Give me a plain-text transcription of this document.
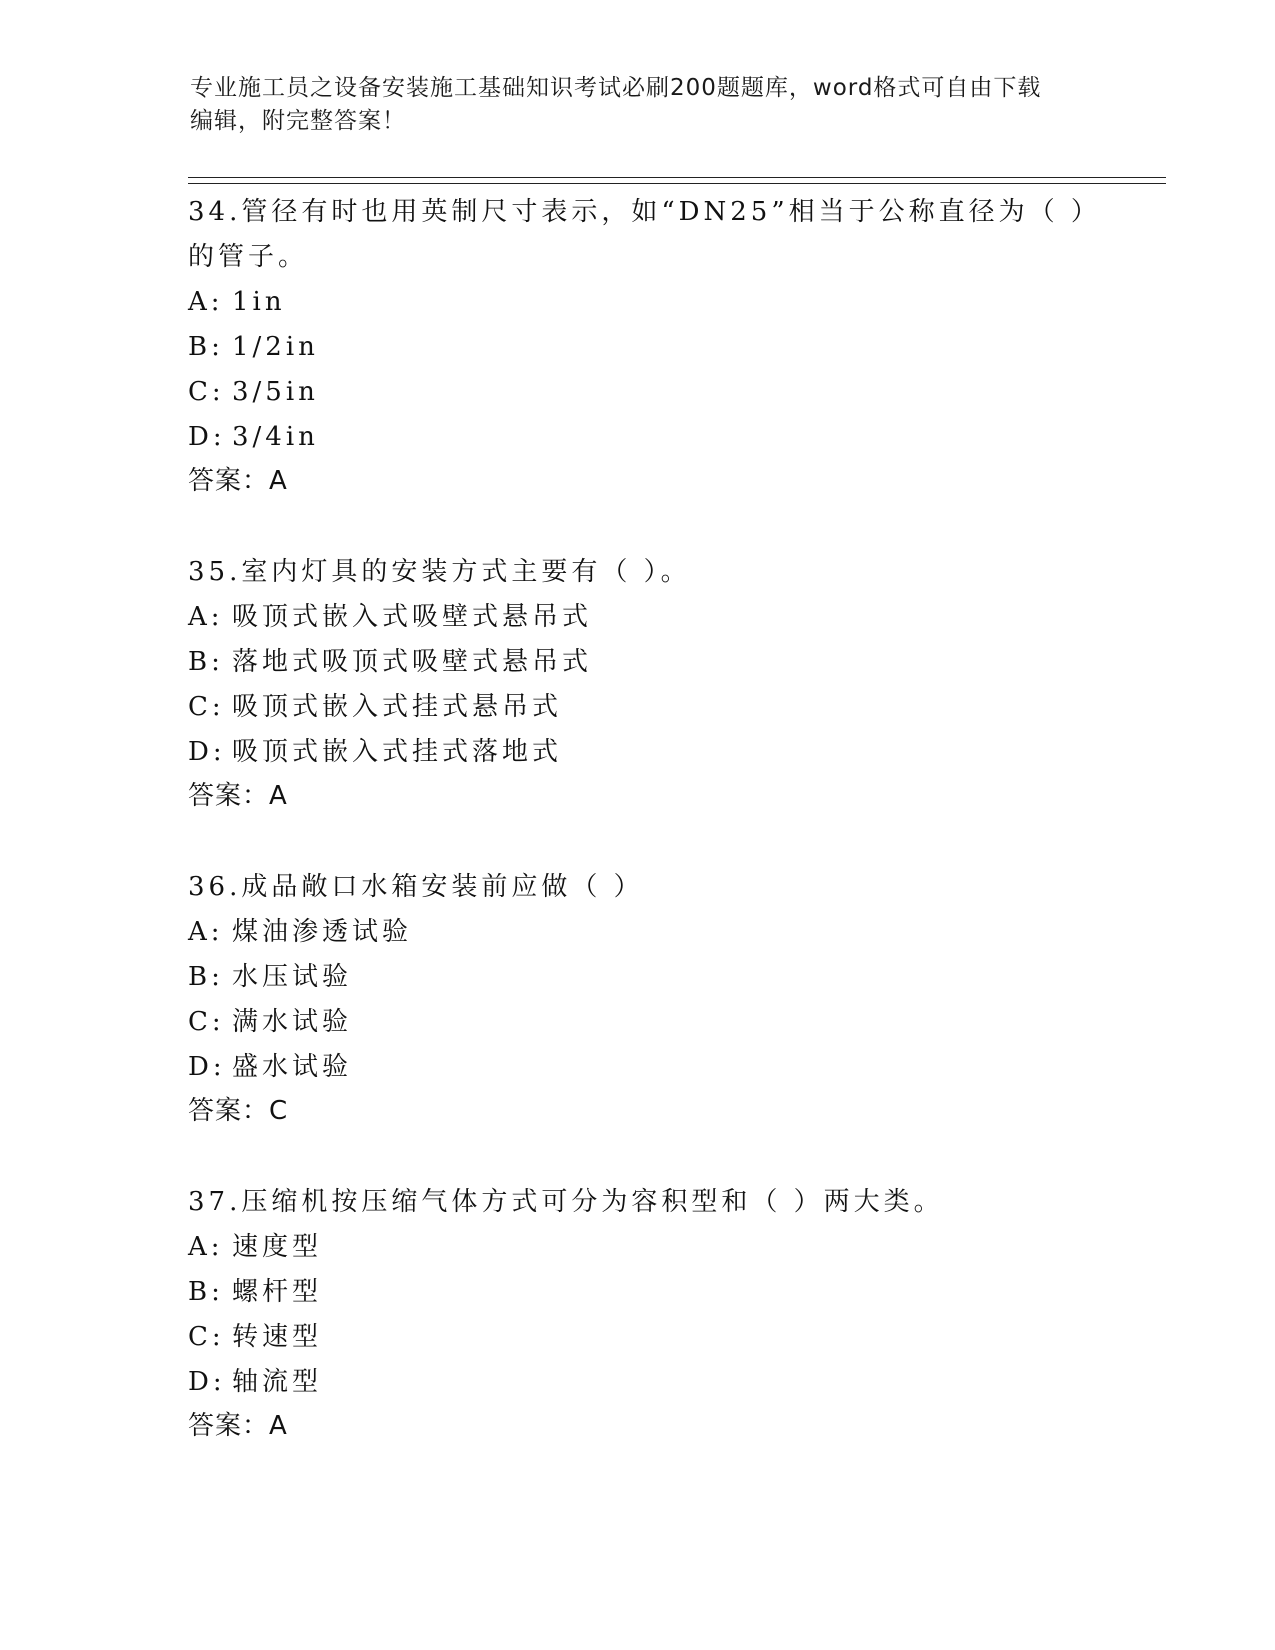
专业施工员之设备安装施工基础知识考试必刷200题题库，word格式可自由下载
编辑，附完整答案！
34.管径有时也用英制尺寸表示，如“DN25”相当于公称直径为（ ）
的管子。
A: 1in
B: 1/2in
C: 3/5in
D: 3/4in
答案：A
35.室内灯具的安装方式主要有（ ）。
A: 吸顶式嵌入式吸壁式悬吊式
B: 落地式吸顶式吸壁式悬吊式
C: 吸顶式嵌入式挂式悬吊式
D: 吸顶式嵌入式挂式落地式
答案：A
36.成品敞口水箱安装前应做（ ）
A: 煤油渗透试验
B: 水压试验
C: 满水试验
D: 盛水试验
答案：C
37.压缩机按压缩气体方式可分为容积型和（ ）两大类。
A: 速度型
B: 螺杆型
C: 转速型
D: 轴流型
答案：A
